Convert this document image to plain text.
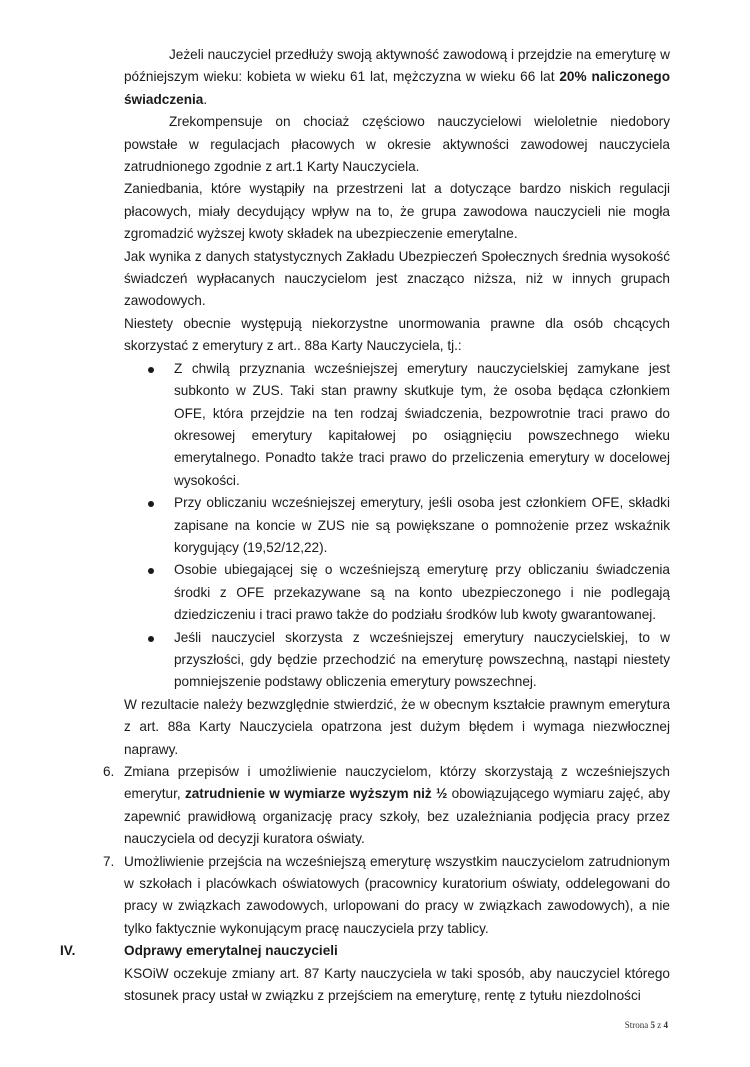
Jeżeli nauczyciel przedłuży swoją aktywność zawodową i przejdzie na emeryturę w późniejszym wieku: kobieta w wieku 61 lat, mężczyzna w wieku 66 lat 20% naliczonego świadczenia.

Zrekompensuje on chociaż częściowo nauczycielowi wieloletnie niedobory powstałe w regulacjach płacowych w okresie aktywności zawodowej nauczyciela zatrudnionego zgodnie z art.1 Karty Nauczyciela.

Zaniedbania, które wystąpiły na przestrzeni lat a dotyczące bardzo niskich regulacji płacowych, miały decydujący wpływ na to, że grupa zawodowa nauczycieli nie mogła zgromadzić wyższej kwoty składek na ubezpieczenie emerytalne.

Jak wynika z danych statystycznych Zakładu Ubezpieczeń Społecznych średnia wysokość świadczeń wypłacanych nauczycielom jest znacząco niższa, niż w innych grupach zawodowych.

Niestety obecnie występują niekorzystne unormowania prawne dla osób chcących skorzystać z emerytury z art.. 88a Karty Nauczyciela, tj.:

Z chwilą przyznania wcześniejszej emerytury nauczycielskiej zamykane jest subkonto w ZUS. Taki stan prawny skutkuje tym, że osoba będąca członkiem OFE, która przejdzie na ten rodzaj świadczenia, bezpowrotnie traci prawo do okresowej emerytury kapitałowej po osiągnięciu powszechnego wieku emerytalnego. Ponadto także traci prawo do przeliczenia emerytury w docelowej wysokości.
Przy obliczaniu wcześniejszej emerytury, jeśli osoba jest członkiem OFE, składki zapisane na koncie w ZUS nie są powiększane o pomnożenie przez wskaźnik korygujący (19,52/12,22).
Osobie ubiegającej się o wcześniejszą emeryturę przy obliczaniu świadczenia środki z OFE przekazywane są na konto ubezpieczonego i nie podlegają dziedziczeniu i traci prawo także do podziału środków lub kwoty gwarantowanej.
Jeśli nauczyciel skorzysta z wcześniejszej emerytury nauczycielskiej, to w przyszłości, gdy będzie przechodzić na emeryturę powszechną, nastąpi niestety pomniejszenie podstawy obliczenia emerytury powszechnej.

W rezultacie należy bezwzględnie stwierdzić, że w obecnym kształcie prawnym emerytura z art. 88a Karty Nauczyciela opatrzona jest dużym błędem i wymaga niezwłocznej naprawy.

6. Zmiana przepisów i umożliwienie nauczycielom, którzy skorzystają z wcześniejszych emerytur, zatrudnienie w wymiarze wyższym niż ½ obowiązującego wymiaru zajęć, aby zapewnić prawidłową organizację pracy szkoły, bez uzależniania podjęcia pracy przez nauczyciela od decyzji kuratora oświaty.

7. Umożliwienie przejścia na wcześniejszą emeryturę wszystkim nauczycielom zatrudnionym w szkołach i placówkach oświatowych (pracownicy kuratorium oświaty, oddelegowani do pracy w związkach zawodowych, urlopowani do pracy w związkach zawodowych), a nie tylko faktycznie wykonującym pracę nauczyciela przy tablicy.

IV.	Odprawy emerytalnej nauczycieli

KSOiW oczekuje zmiany art. 87 Karty nauczyciela w taki sposób, aby nauczyciel którego stosunek pracy ustał w związku z przejściem na emeryturę, rentę z tytułu niezdolności

Strona 5 z 4
